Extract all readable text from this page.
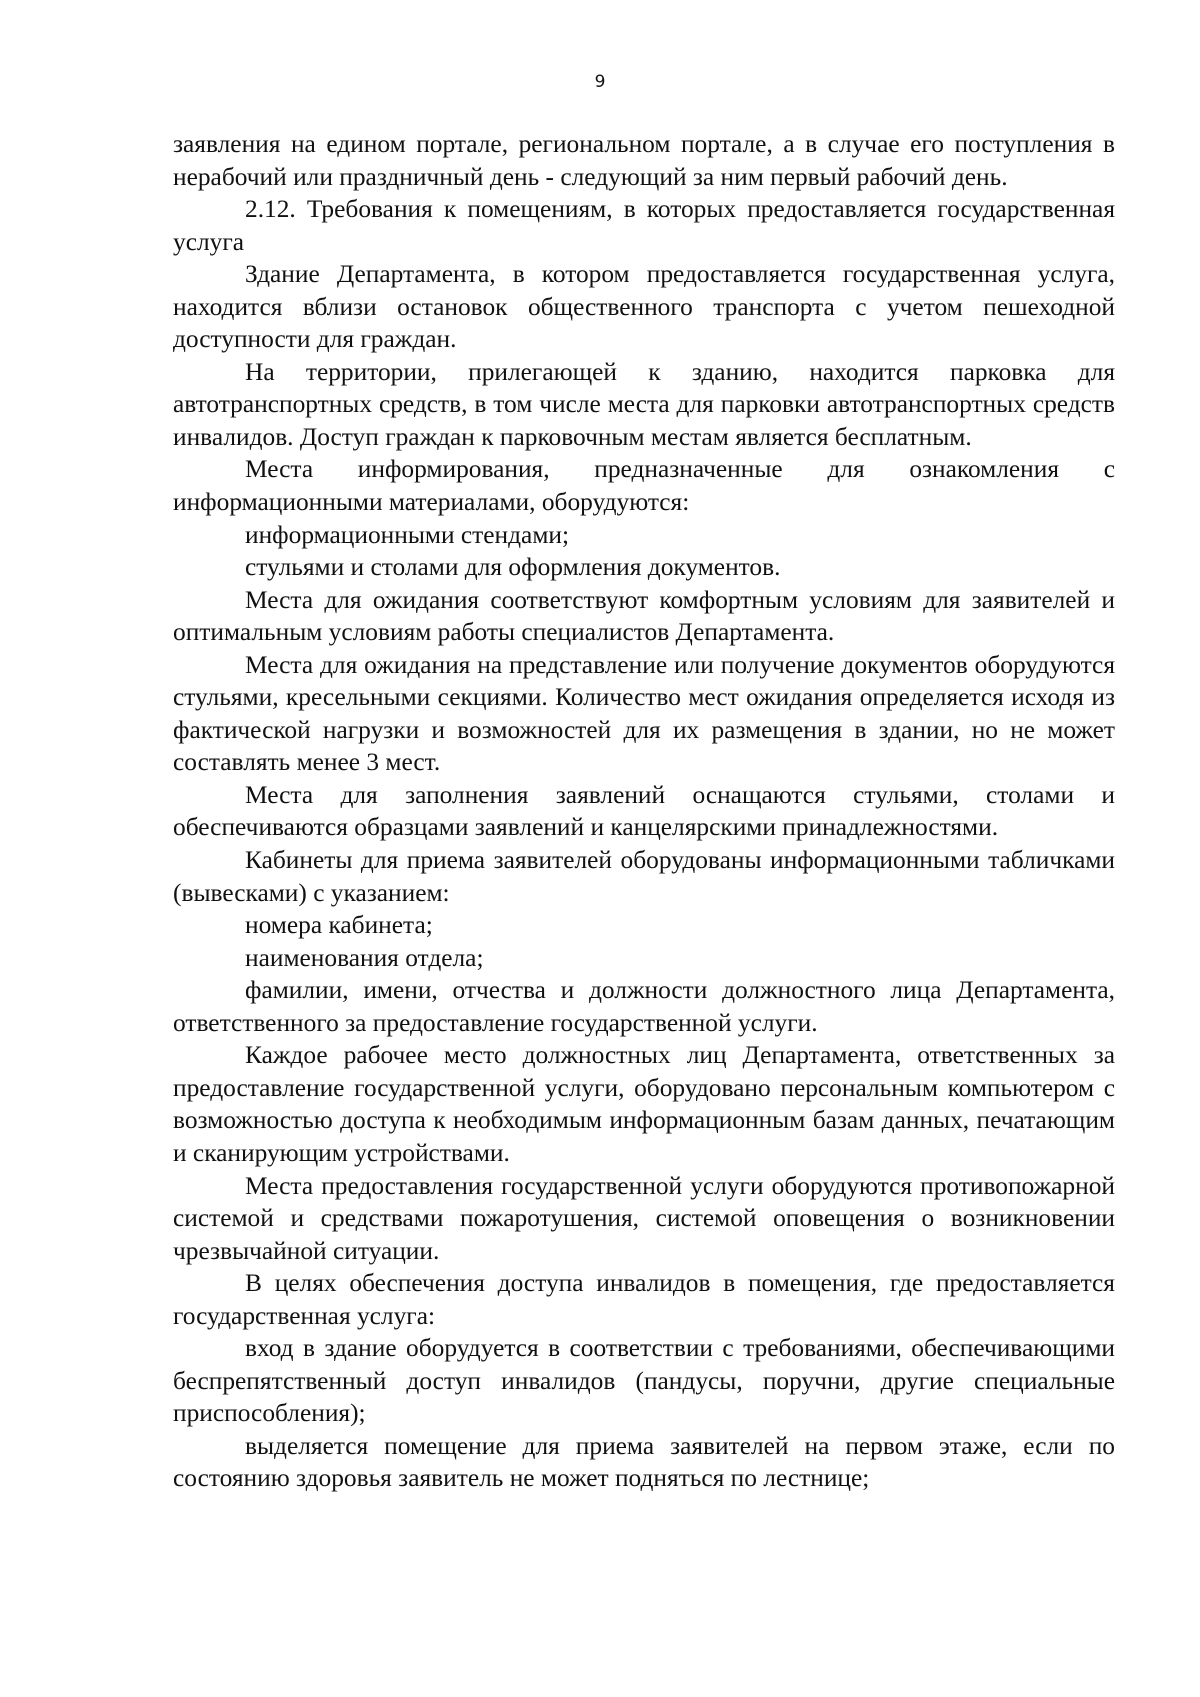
9

заявления на едином портале, региональном портале, а в случае его поступления в нерабочий или праздничный день - следующий за ним первый рабочий день.

2.12. Требования к помещениям, в которых предоставляется государственная услуга

Здание Департамента, в котором предоставляется государственная услуга, находится вблизи остановок общественного транспорта с учетом пешеходной доступности для граждан.

На территории, прилегающей к зданию, находится парковка для автотранспортных средств, в том числе места для парковки автотранспортных средств инвалидов. Доступ граждан к парковочным местам является бесплатным.

Места информирования, предназначенные для ознакомления с информационными материалами, оборудуются:

информационными стендами;

стульями и столами для оформления документов.

Места для ожидания соответствуют комфортным условиям для заявителей и оптимальным условиям работы специалистов Департамента.

Места для ожидания на представление или получение документов оборудуются стульями, кресельными секциями. Количество мест ожидания определяется исходя из фактической нагрузки и возможностей для их размещения в здании, но не может составлять менее 3 мест.

Места для заполнения заявлений оснащаются стульями, столами и обеспечиваются образцами заявлений и канцелярскими принадлежностями.

Кабинеты для приема заявителей оборудованы информационными табличками (вывесками) с указанием:

номера кабинета;

наименования отдела;

фамилии, имени, отчества и должности должностного лица Департамента, ответственного за предоставление государственной услуги.

Каждое рабочее место должностных лиц Департамента, ответственных за предоставление государственной услуги, оборудовано персональным компьютером с возможностью доступа к необходимым информационным базам данных, печатающим и сканирующим устройствами.

Места предоставления государственной услуги оборудуются противопожарной системой и средствами пожаротушения, системой оповещения о возникновении чрезвычайной ситуации.

В целях обеспечения доступа инвалидов в помещения, где предоставляется государственная услуга:

вход в здание оборудуется в соответствии с требованиями, обеспечивающими беспрепятственный доступ инвалидов (пандусы, поручни, другие специальные приспособления);

выделяется помещение для приема заявителей на первом этаже, если по состоянию здоровья заявитель не может подняться по лестнице;
